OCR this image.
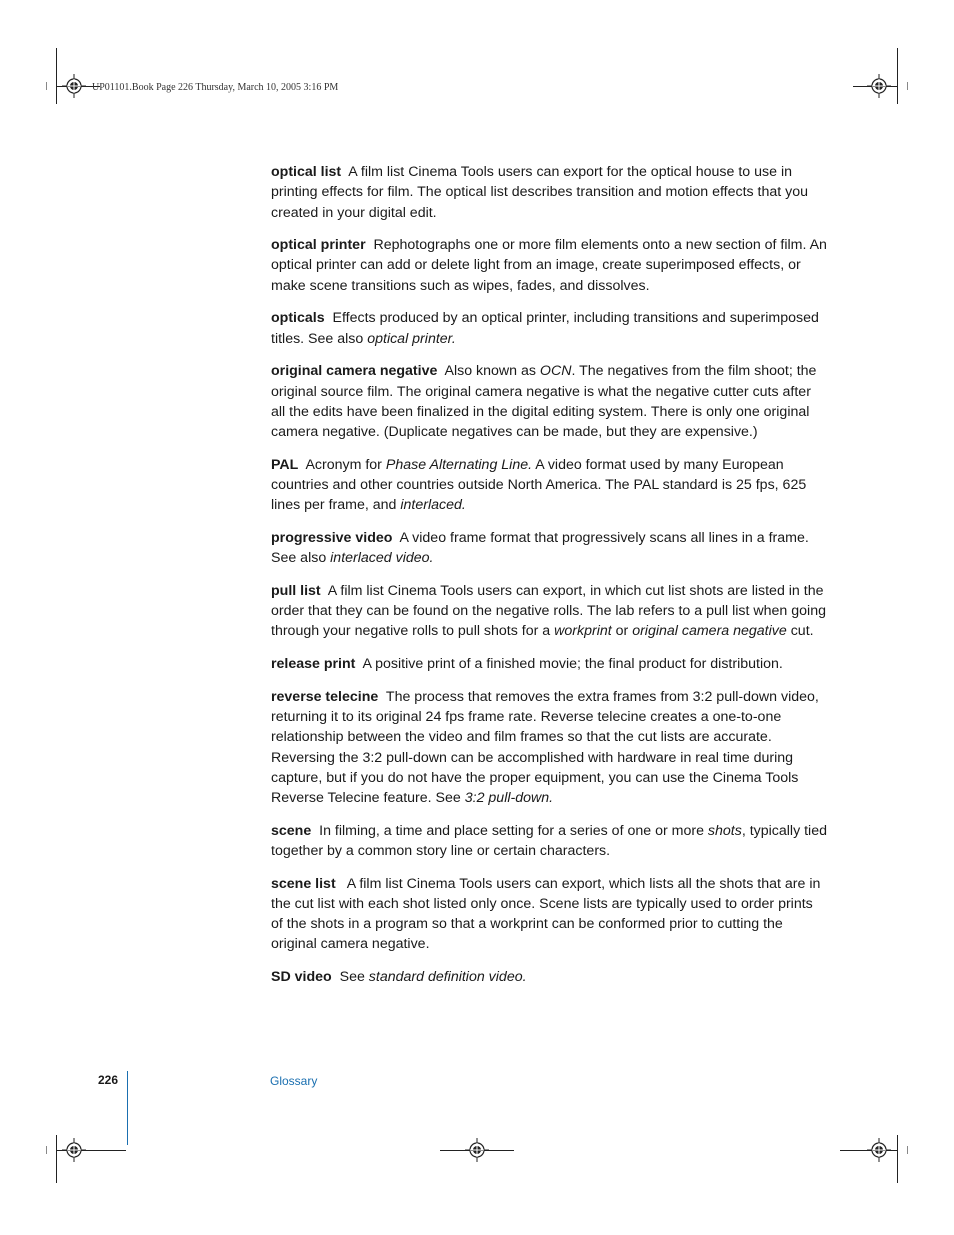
UP01101.Book Page 226 Thursday, March 10, 2005 3:16 PM

optical list A film list Cinema Tools users can export for the optical house to use in printing effects for film. The optical list describes transition and motion effects that you created in your digital edit.

optical printer Rephotographs one or more film elements onto a new section of film. An optical printer can add or delete light from an image, create superimposed effects, or make scene transitions such as wipes, fades, and dissolves.

opticals Effects produced by an optical printer, including transitions and superimposed titles. See also optical printer.

original camera negative Also known as OCN. The negatives from the film shoot; the original source film. The original camera negative is what the negative cutter cuts after all the edits have been finalized in the digital editing system. There is only one original camera negative. (Duplicate negatives can be made, but they are expensive.)

PAL Acronym for Phase Alternating Line. A video format used by many European countries and other countries outside North America. The PAL standard is 25 fps, 625 lines per frame, and interlaced.

progressive video A video frame format that progressively scans all lines in a frame. See also interlaced video.

pull list A film list Cinema Tools users can export, in which cut list shots are listed in the order that they can be found on the negative rolls. The lab refers to a pull list when going through your negative rolls to pull shots for a workprint or original camera negative cut.

release print A positive print of a finished movie; the final product for distribution.

reverse telecine The process that removes the extra frames from 3:2 pull-down video, returning it to its original 24 fps frame rate. Reverse telecine creates a one-to-one relationship between the video and film frames so that the cut lists are accurate. Reversing the 3:2 pull-down can be accomplished with hardware in real time during capture, but if you do not have the proper equipment, you can use the Cinema Tools Reverse Telecine feature. See 3:2 pull-down.

scene In filming, a time and place setting for a series of one or more shots, typically tied together by a common story line or certain characters.

scene list   A film list Cinema Tools users can export, which lists all the shots that are in the cut list with each shot listed only once. Scene lists are typically used to order prints of the shots in a program so that a workprint can be conformed prior to cutting the original camera negative.

SD video See standard definition video.

226	Glossary
